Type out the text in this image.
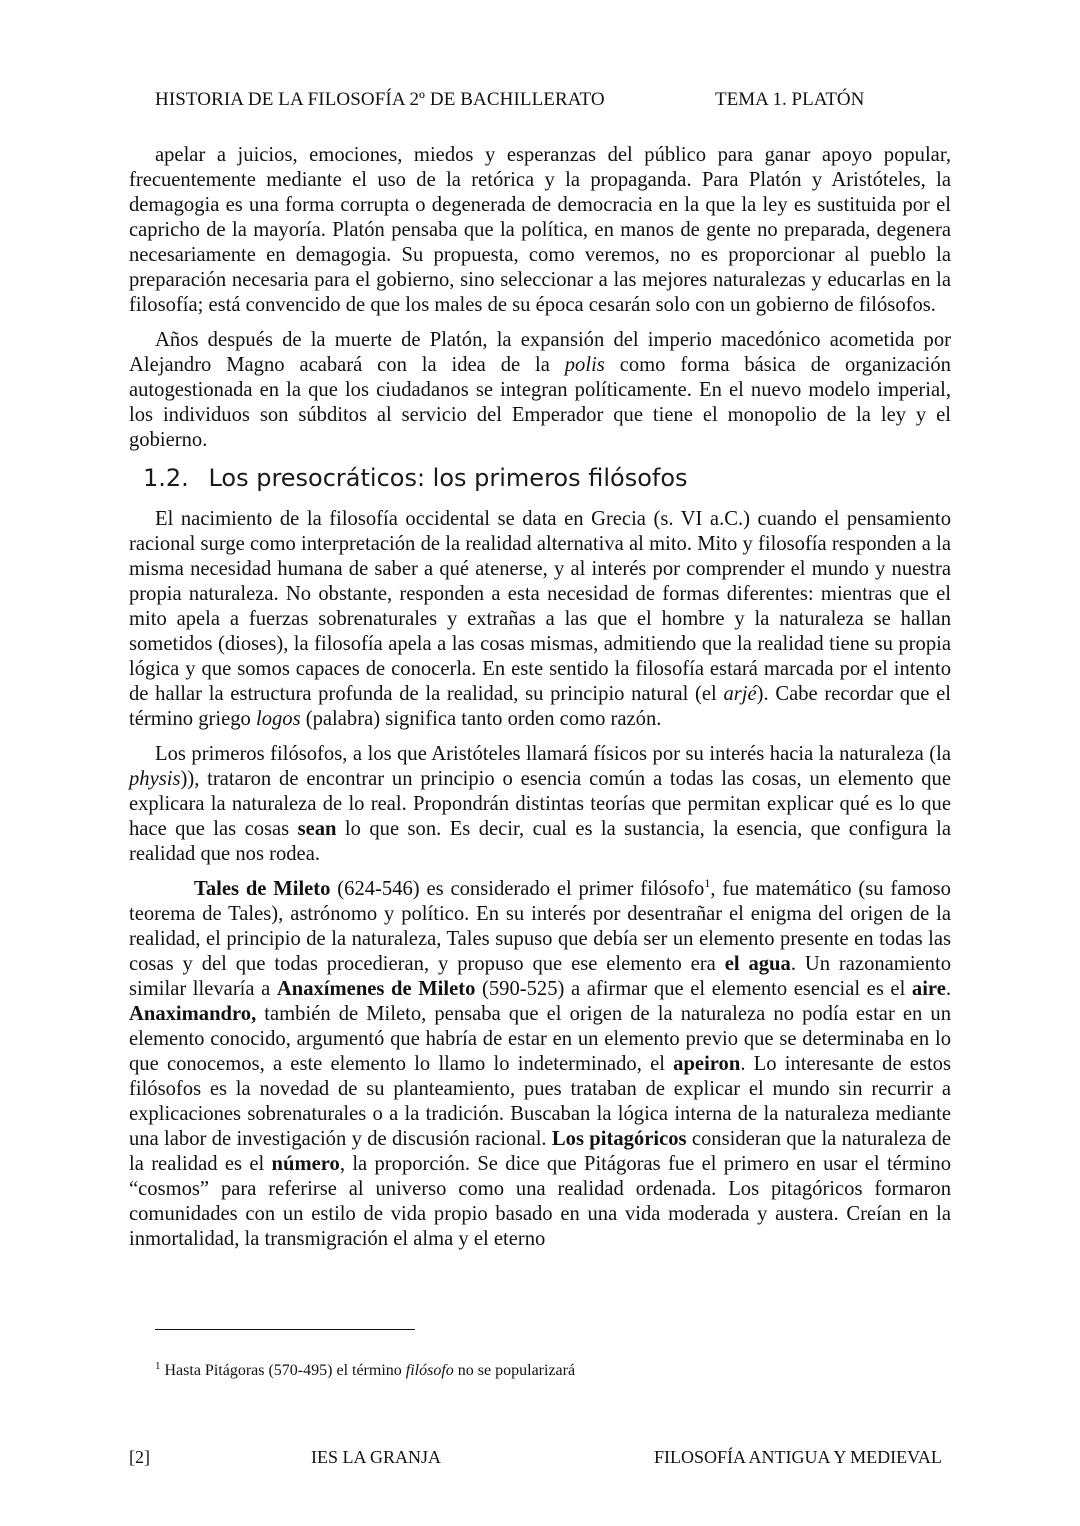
HISTORIA DE LA FILOSOFÍA 2º DE BACHILLERATO	TEMA 1. PLATÓN

apelar a juicios, emociones, miedos y esperanzas del público para ganar apoyo popular, frecuentemente mediante el uso de la retórica y la propaganda. Para Platón y Aristóteles, la demagogia es una forma corrupta o degenerada de democracia en la que la ley es sustituida por el capricho de la mayoría. Platón pensaba que la política, en manos de gente no preparada, degenera necesariamente en demagogia. Su propuesta, como veremos, no es proporcionar al pueblo la preparación necesaria para el gobierno, sino seleccionar a las mejores naturalezas y educarlas en la filosofía; está convencido de que los males de su época cesarán solo con un gobierno de filósofos.

Años después de la muerte de Platón, la expansión del imperio macedónico acometida por Alejandro Magno acabará con la idea de la polis como forma básica de organización autogestionada en la que los ciudadanos se integran políticamente. En el nuevo modelo imperial, los individuos son súbditos al servicio del Emperador que tiene el monopolio de la ley y el gobierno.

1.2. Los presocráticos: los primeros filósofos

El nacimiento de la filosofía occidental se data en Grecia (s. VI a.C.) cuando el pensamiento racional surge como interpretación de la realidad alternativa al mito. Mito y filosofía responden a la misma necesidad humana de saber a qué atenerse, y al interés por comprender el mundo y nuestra propia naturaleza. No obstante, responden a esta necesidad de formas diferentes: mientras que el mito apela a fuerzas sobrenaturales y extrañas a las que el hombre y la naturaleza se hallan sometidos (dioses), la filosofía apela a las cosas mismas, admitiendo que la realidad tiene su propia lógica y que somos capaces de conocerla. En este sentido la filosofía estará marcada por el intento de hallar la estructura profunda de la realidad, su principio natural (el arjé). Cabe recordar que el término griego logos (palabra) significa tanto orden como razón.

Los primeros filósofos, a los que Aristóteles llamará físicos por su interés hacia la naturaleza (la physis)), trataron de encontrar un principio o esencia común a todas las cosas, un elemento que explicara la naturaleza de lo real. Propondrán distintas teorías que permitan explicar qué es lo que hace que las cosas sean lo que son. Es decir, cual es la sustancia, la esencia, que configura la realidad que nos rodea.

Tales de Mileto (624-546) es considerado el primer filósofo$^1$, fue matemático (su famoso teorema de Tales), astrónomo y político. En su interés por desentrañar el enigma del origen de la realidad, el principio de la naturaleza, Tales supuso que debía ser un elemento presente en todas las cosas y del que todas procedieran, y propuso que ese elemento era el agua. Un razonamiento similar llevaría a Anaxímenes de Mileto (590-525) a afirmar que el elemento esencial es el aire. Anaximandro, también de Mileto, pensaba que el origen de la naturaleza no podía estar en un elemento conocido, argumentó que habría de estar en un elemento previo que se determinaba en lo que conocemos, a este elemento lo llamo lo indeterminado, el apeiron. Lo interesante de estos filósofos es la novedad de su planteamiento, pues trataban de explicar el mundo sin recurrir a explicaciones sobrenaturales o a la tradición. Buscaban la lógica interna de la naturaleza mediante una labor de investigación y de discusión racional. Los pitagóricos consideran que la naturaleza de la realidad es el número, la proporción. Se dice que Pitágoras fue el primero en usar el término “cosmos” para referirse al universo como una realidad ordenada. Los pitagóricos formaron comunidades con un estilo de vida propio basado en una vida moderada y austera. Creían en la inmortalidad, la transmigración el alma y el eterno

$^1$ Hasta Pitágoras (570-495) el término filósofo no se popularizará
[2]	IES LA GRANJA	FILOSOFÍA ANTIGUA Y MEDIEVAL
